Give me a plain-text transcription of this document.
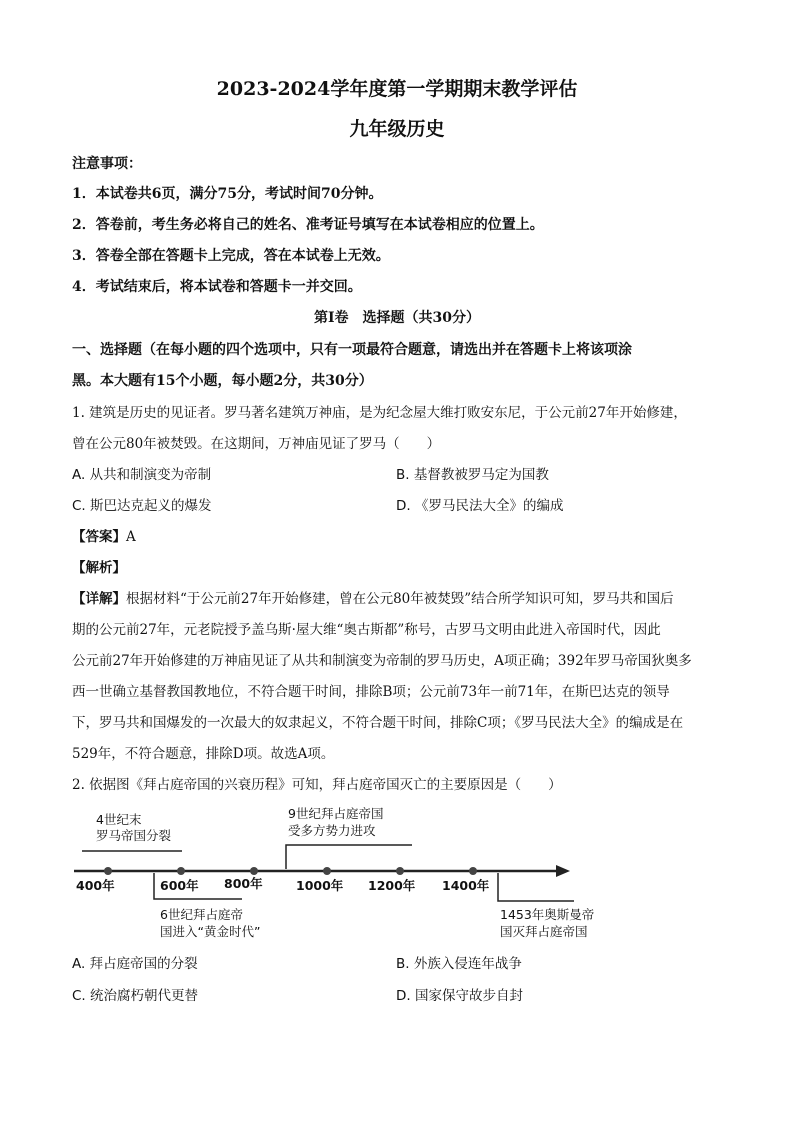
2023-2024学年度第一学期期末教学评估
九年级历史
注意事项：
1．本试卷共6页，满分75分，考试时间70分钟。
2．答卷前，考生务必将自己的姓名、准考证号填写在本试卷相应的位置上。
3．答卷全部在答题卡上完成，答在本试卷上无效。
4．考试结束后，将本试卷和答题卡一并交回。
第Ⅰ卷　选择题（共30分）
一、选择题（在每小题的四个选项中，只有一项最符合题意，请选出并在答题卡上将该项涂
黑。本大题有15个小题，每小题2分，共30分）
1. 建筑是历史的见证者。罗马著名建筑万神庙，是为纪念屋大维打败安东尼，于公元前27年开始修建，
曾在公元80年被焚毁。在这期间，万神庙见证了罗马（　　）
A. 从共和制演变为帝制	B. 基督教被罗马定为国教
C. 斯巴达克起义的爆发	D. 《罗马民法大全》的编成
【答案】A
【解析】
【详解】根据材料“于公元前27年开始修建，曾在公元80年被焚毁”结合所学知识可知，罗马共和国后
期的公元前27年，元老院授予盖乌斯·屋大维“奥古斯都”称号，古罗马文明由此进入帝国时代，因此
公元前27年开始修建的万神庙见证了从共和制演变为帝制的罗马历史，A项正确；392年罗马帝国狄奥多
西一世确立基督教国教地位，不符合题干时间，排除B项；公元前73年一前71年，在斯巴达克的领导
下，罗马共和国爆发的一次最大的奴隶起义，不符合题干时间，排除C项；《罗马民法大全》的编成是在
529年，不符合题意，排除D项。故选A项。
2. 依据图《拜占庭帝国的兴衰历程》可知，拜占庭帝国灭亡的主要原因是（　　）
4世纪末
罗马帝国分裂
9世纪拜占庭帝国
受多方势力进攻
400年	600年 800年	1000年 1200年 1400年
6世纪拜占庭帝
国进入“黄金时代”
1453年奥斯曼帝
国灭拜占庭帝国
A. 拜占庭帝国的分裂	B. 外族入侵连年战争
C. 统治腐朽朝代更替	D. 国家保守故步自封
